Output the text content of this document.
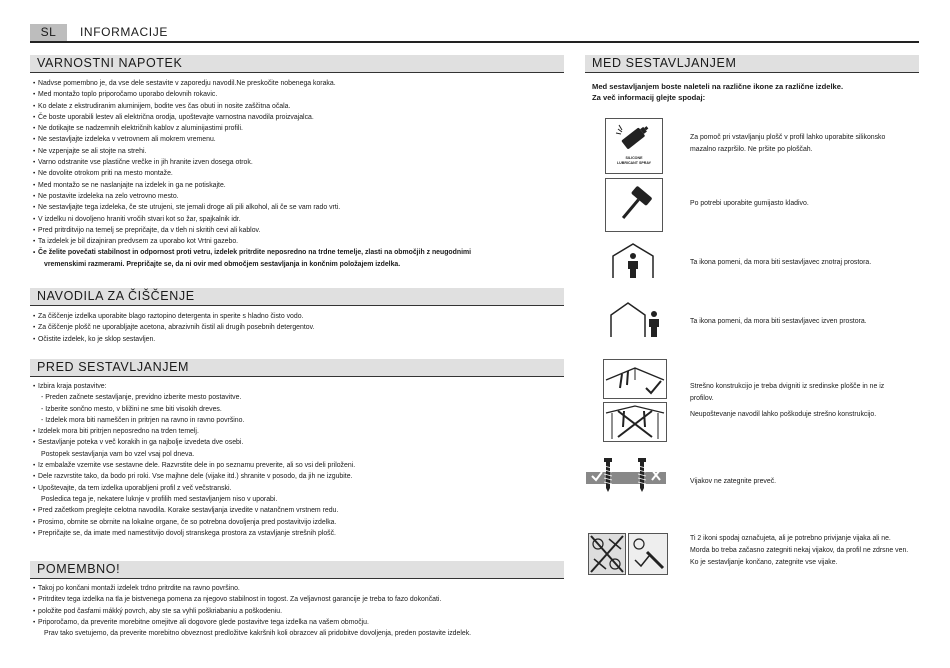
SL	INFORMACIJE
VARNOSTNI NAPOTEK
• Nadvse pomembno je, da vse dele sestavite v zaporedju navodil.Ne preskočite nobenega koraka.
• Med montažo toplo priporočamo uporabo delovnih rokavic.
• Ko delate z ekstrudiranim aluminijem, bodite ves čas obuti in nosite zaščitna očala.
• Če boste uporabili lestev ali električna orodja, upoštevajte varnostna navodila proizvajalca.
• Ne dotikajte se nadzemnih električnih kablov z aluminijastimi profili.
• Ne sestavljajte izdeleka v vetrovnem ali mokrem vremenu.
• Ne vzpenjajte se ali stojte na strehi.
• Varno odstranite vse plastične vrečke in jih hranite izven dosega otrok.
• Ne dovolite otrokom priti na mesto montaže.
• Med montažo se ne naslanjajte na izdelek in ga ne potiskajte.
• Ne postavite izdeleka na zelo vetrovno mesto.
• Ne sestavljajte tega izdeleka, če ste utrujeni, ste jemali droge ali pili alkohol, ali če se vam rado vrti.
• V izdelku ni dovoljeno hraniti vročih stvari kot so žar, spajkalnik idr.
• Pred pritrditvijo na temelj se prepričajte, da v tleh ni skritih cevi ali kablov.
• Ta izdelek je bil dizajniran predvsem za uporabo kot Vrtni gazebo.
• Če želite povečati stabilnost in odpornost proti vetru, izdelek pritrdite neposredno na trdne temelje, zlasti na območjih z neugodnimi
vremenskimi razmerami. Prepričajte se, da ni ovir med območjem sestavljanja in končnim položajem izdelka.
NAVODILA ZA ČIŠČENJE
• Za čiščenje izdelka uporabite blago raztopino detergenta in sperite s hladno čisto vodo.
• Za čiščenje plošč ne uporabljajte acetona, abrazivnih čistil ali drugih posebnih detergentov.
• Očistite izdelek, ko je sklop sestavljen.
PRED SESTAVLJANJEM
• Izbira kraja postavitve:
- Preden začnete sestavljanje, previdno izberite mesto postavitve.
- Izberite sončno mesto, v bližini ne sme biti visokih dreves.
- Izdelek mora biti nameščen in pritrjen na ravno in ravno površino.
• Izdelek mora biti pritrjen neposredno na trden temelj.
• Sestavljanje poteka v več korakih in ga najbolje izvedeta dve osebi.
Postopek sestavljanja vam bo vzel vsaj pol dneva.
• Iz embalaže vzemite vse sestavne dele. Razvrstite dele in po seznamu preverite, ali so vsi deli priloženi.
• Dele razvrstite tako, da bodo pri roki. Vse majhne dele (vijake itd.) shranite v posodo, da jih ne izgubite.
• Upoštevajte, da tem izdelka uporabljeni profil z več večstranski.
Posledica tega je, nekatere luknje v profilih med sestavljanjem niso v uporabi.
• Pred začetkom preglejte celotna navodila. Korake sestavljanja izvedite v natančnem vrstnem redu.
• Prosimo, obrnite se obrnite na lokalne organe, če so potrebna dovoljenja pred postavitvijo izdelka.
• Prepričajte se, da imate med namestitvijo dovolj stranskega prostora za vstavljanje strešnih plošč.
POMEMBNO!
• Takoj po končani montaži izdelek trdno pritrdite na ravno površino.
• Pritrditev tega izdelka na tla je bistvenega pomena za njegovo stabilnost in togost. Za veljavnost garancije je treba to fazo dokončati.
• položite pod časfami mákký povrch, aby ste sa vyhli poškriabaniu a poškodeniu.
• Priporočamo, da preverite morebitne omejitve ali dogovore glede postavitve tega izdelka na vašem območju.
Prav tako svetujemo, da preverite morebitno obveznost predložitve kakršnih koli obrazcev ali pridobitve dovoljenja, preden postavite izdelek.
MED SESTAVLJANJEM
Med sestavljanjem boste naleteli na različne ikone za različne izdelke.
Za več informacij glejte spodaj:
SILICONE
LUBRICANT SPRAY

Za pomoč pri vstavljanju plošč v profil lahko uporabite silikonsko

mazalno razpršilo. Ne pršite po ploščah.

Po potrebi uporabite gumijasto kladivo.

Ta ikona pomeni, da mora biti sestavljavec znotraj prostora.

Ta ikona pomeni, da mora biti sestavljavec izven prostora.

Strešno konstrukcijo je treba dvigniti iz sredinske plošče in ne iz

profilov.

Neupoštevanje navodil lahko poškoduje strešno konstrukcijo.

Vijakov ne zategnite preveč.

Ti 2 ikoni spodaj označujeta, ali je potrebno privijanje vijaka ali ne.

Morda bo treba začasno zategniti nekaj vijakov, da profil ne zdrsne ven.

Ko je sestavljanje končano, zategnite vse vijake.
